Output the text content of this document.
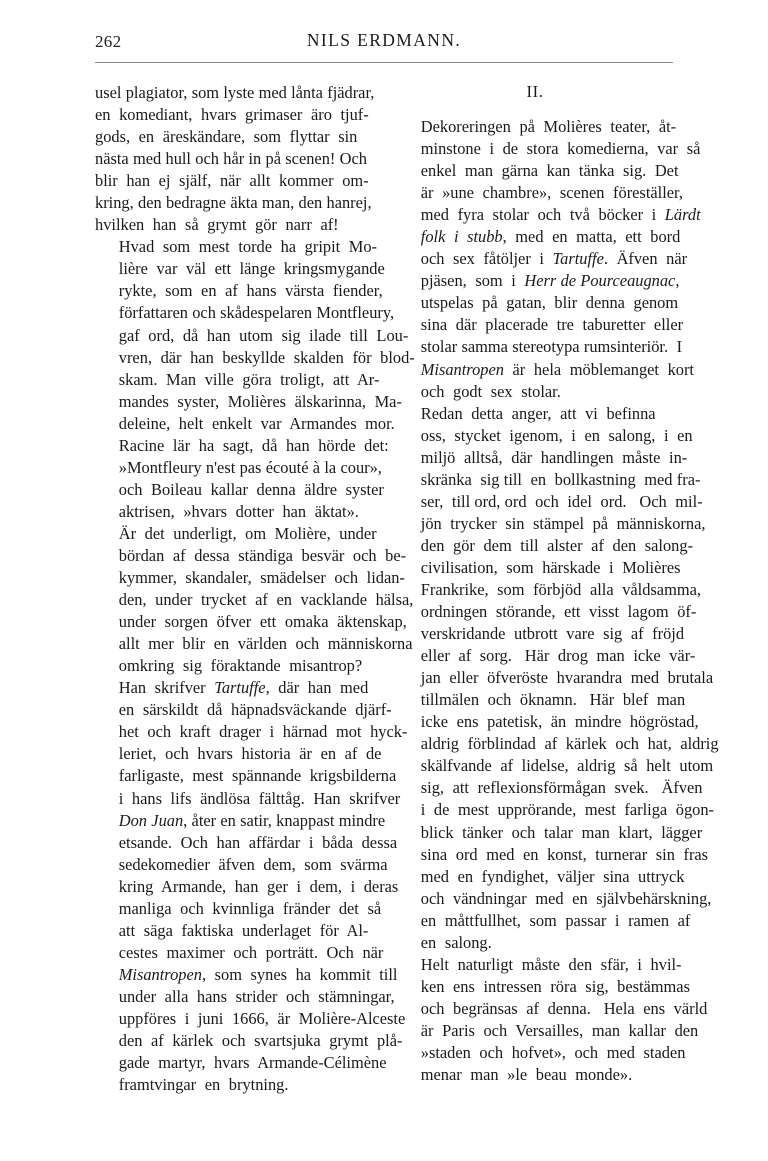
262	NILS ERDMANN.

usel plagiator, som lyste med lånta fjädrar,
en  komediant,  hvars  grimaser  äro  tjuf-
gods,  en  äreskändare,  som  flyttar  sin
nästa med hull och hår in på scenen! Och
blir  han  ej  själf,  när  allt  kommer  om-
kring, den bedragne äkta man, den hanrej,
hvilken  han  så  grymt  gör  narr  af!

Hvad  som  mest  torde  ha  gripit  Mo-
lière  var  väl  ett  länge  kringsmygande
rykte,  som  en  af  hans  värsta  fiender,
författaren och skådespelaren Montfleury,
gaf  ord,  då  han  utom  sig  ilade  till  Lou-
vren,  där  han  beskyllde  skalden  för  blod-
skam.  Man  ville  göra  troligt,  att  Ar-
mandes  syster,  Molières  älskarinna,  Ma-
deleine,  helt  enkelt  var  Armandes  mor.
Racine  lär  ha  sagt,  då  han  hörde  det:
»Montfleury n'est pas écouté à la cour»,
och  Boileau  kallar  denna  äldre  syster
aktrisen,  »hvars  dotter  han  äktat».

Är  det  underligt,  om  Molière,  under
bördan  af  dessa  ständiga  besvär  och  be-
kymmer,  skandaler,  smädelser  och  lidan-
den,  under  trycket  af  en  vacklande  hälsa,
under  sorgen  öfver  ett  omaka  äktenskap,
allt  mer  blir  en  världen  och  människorna
omkring  sig  föraktande  misantrop?

Han  skrifver  Tartuffe,  där  han  med
en  särskildt  då  häpnadsväckande  djärf-
het  och  kraft  drager  i  härnad  mot  hyck-
leriet,  och  hvars  historia  är  en  af  de
farligaste,  mest  spännande  krigsbilderna
i  hans  lifs  ändlösa  fälttåg.  Han  skrifver
Don Juan, åter en satir, knappast mindre
etsande.  Och  han  affärdar  i  båda  dessa
sedekomedier  äfven  dem,  som  svärma
kring  Armande,  han  ger  i  dem,  i  deras
manliga  och  kvinnliga  fränder  det  så
att  säga  faktiska  underlaget  för  Al-
cestes  maximer  och  porträtt.  Och  när
Misantropen,  som  synes  ha  kommit  till
under  alla  hans  strider  och  stämningar,
uppföres  i  juni  1666,  är  Molière-Alceste
den  af  kärlek  och  svartsjuka  grymt  plå-
gade  martyr,  hvars  Armande-Célimène
framtvingar  en  brytning.

II.

Dekoreringen  på  Molières  teater,  åt-
minstone  i  de  stora  komedierna,  var  så
enkel  man  gärna  kan  tänka  sig.  Det
är  »une  chambre»,  scenen  föreställer,
med  fyra  stolar  och  två  böcker  i  Lärdt
folk  i  stubb,  med  en  matta,  ett  bord
och  sex  fåtöljer  i  Tartuffe.  Äfven  när
pjäsen,  som  i  Herr de Pourceaugnac,
utspelas  på  gatan,  blir  denna  genom
sina  där  placerade  tre  taburetter  eller
stolar samma stereotypa rumsinteriör.  I
Misantropen  är  hela  möblemanget  kort
och  godt  sex  stolar.

Redan  detta  anger,  att  vi  befinna
oss,  stycket  igenom,  i  en  salong,  i  en
miljö  alltså,  där  handlingen  måste  in-
skränka  sig till  en  bollkastning  med fra-
ser,  till ord, ord  och  idel  ord.   Och  mil-
jön  trycker  sin  stämpel  på  människorna,
den  gör  dem  till  alster  af  den  salong-
civilisation,  som  härskade  i  Molières
Frankrike,  som  förbjöd  alla  våldsamma,
ordningen  störande,  ett  visst  lagom  öf-
verskridande  utbrott  vare  sig  af  fröjd
eller  af  sorg.   Här  drog  man  icke  vär-
jan  eller  öfveröste  hvarandra  med  brutala
tillmälen  och  öknamn.   Här  blef  man
icke  ens  patetisk,  än  mindre  högröstad,
aldrig  förblindad  af  kärlek  och  hat,  aldrig
skälfvande  af  lidelse,  aldrig  så  helt  utom
sig,  att  reflexionsförmågan  svek.   Äfven
i  de  mest  upprörande,  mest  farliga  ögon-
blick  tänker  och  talar  man  klart,  lägger
sina  ord  med  en  konst,  turnerar  sin  fras
med  en  fyndighet,  väljer  sina  uttryck
och  vändningar  med  en  självbehärskning,
en  måttfullhet,  som  passar  i  ramen  af
en  salong.

Helt  naturligt  måste  den  sfär,  i  hvil-
ken  ens  intressen  röra  sig,  bestämmas
och  begränsas  af  denna.   Hela  ens  värld
är  Paris  och  Versailles,  man  kallar  den
»staden  och  hofvet»,  och  med  staden
menar  man  »le  beau  monde».
